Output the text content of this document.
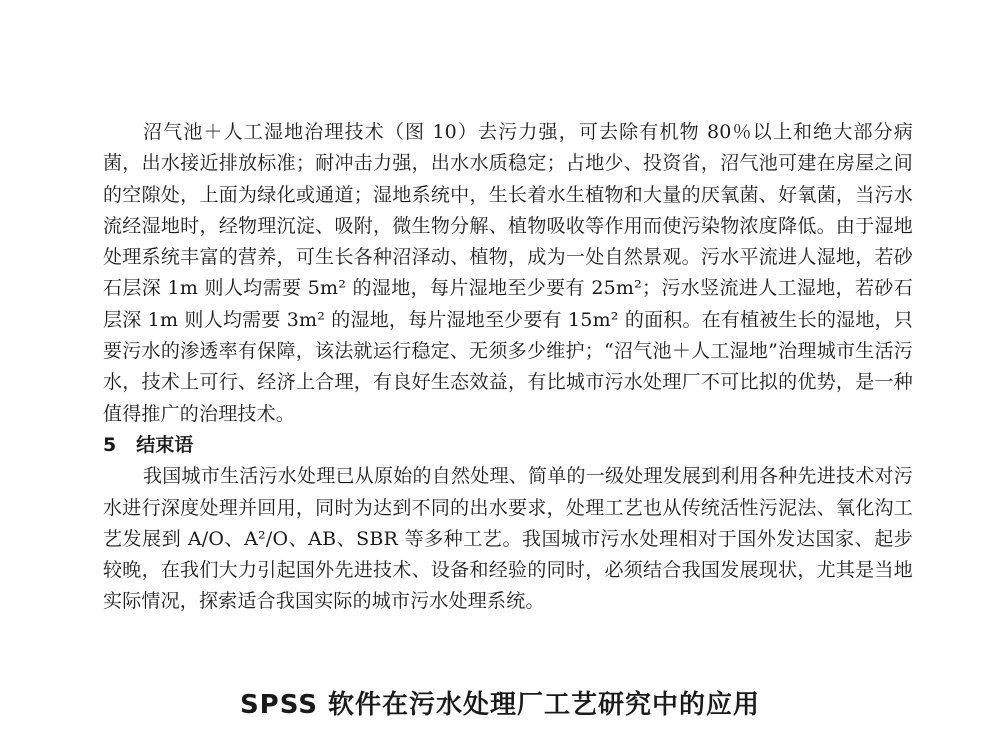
沼气池＋人工湿地治理技术（图 10）去污力强，可去除有机物 80％以上和绝大部分病菌，出水接近排放标准；耐冲击力强，出水水质稳定；占地少、投资省，沼气池可建在房屋之间的空隙处，上面为绿化或通道；湿地系统中，生长着水生植物和大量的厌氧菌、好氧菌，当污水流经湿地时，经物理沉淀、吸附，微生物分解、植物吸收等作用而使污染物浓度降低。由于湿地处理系统丰富的营养，可生长各种沼泽动、植物，成为一处自然景观。污水平流进人湿地，若砂石层深 1m 则人均需要 5m² 的湿地，每片湿地至少要有 25m²；污水竖流进人工湿地，若砂石层深 1m 则人均需要 3m² 的湿地，每片湿地至少要有 15m² 的面积。在有植被生长的湿地，只要污水的渗透率有保障，该法就运行稳定、无须多少维护；“沼气池＋人工湿地”治理城市生活污水，技术上可行、经济上合理，有良好生态效益，有比城市污水处理厂不可比拟的优势，是一种值得推广的治理技术。

5 结束语

我国城市生活污水处理已从原始的自然处理、简单的一级处理发展到利用各种先进技术对污水进行深度处理并回用，同时为达到不同的出水要求，处理工艺也从传统活性污泥法、氧化沟工艺发展到 A/O、A²/O、AB、SBR 等多种工艺。我国城市污水处理相对于国外发达国家、起步较晚，在我们大力引起国外先进技术、设备和经验的同时，必须结合我国发展现状，尤其是当地实际情况，探索适合我国实际的城市污水处理系统。

SPSS 软件在污水处理厂工艺研究中的应用
